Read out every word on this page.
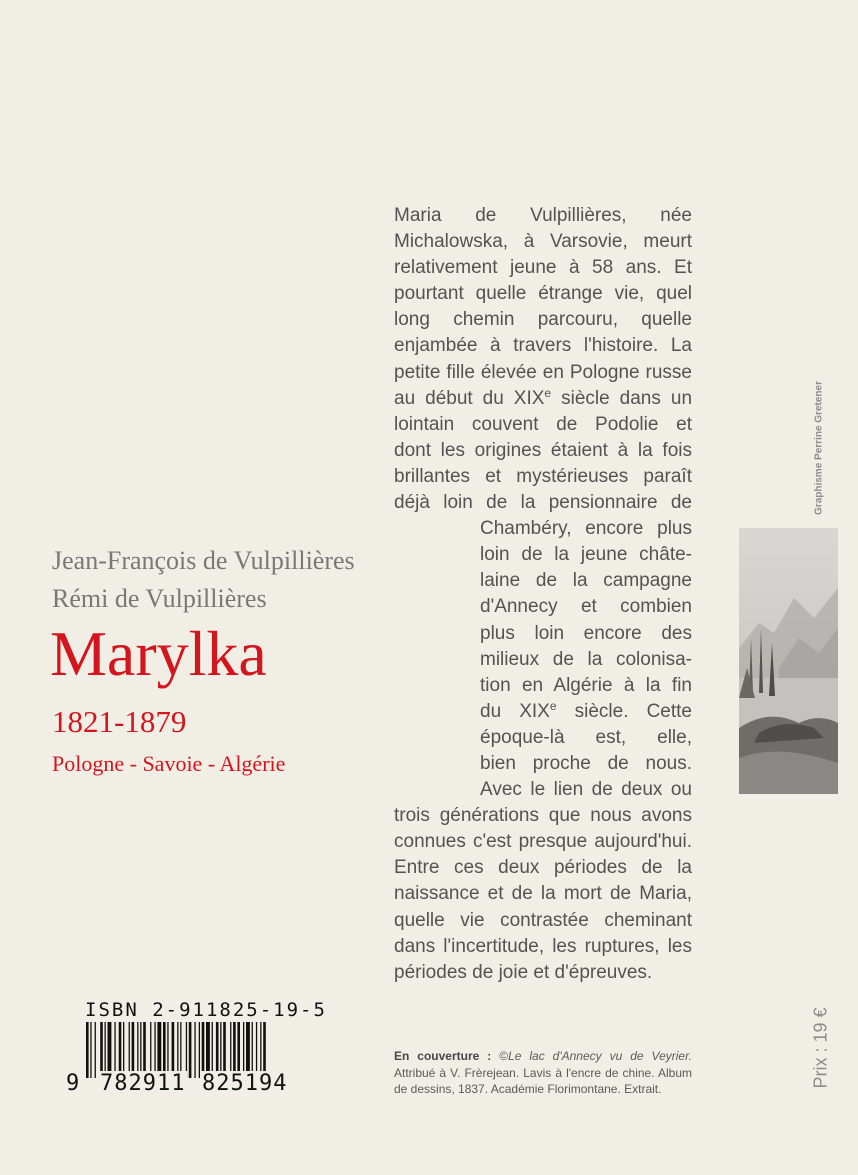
Jean-François de Vulpillières
Rémi de Vulpillières
Marylka
1821-1879
Pologne - Savoie - Algérie

Maria de Vulpillières, née

Michalowska, à Varsovie, meurt

relativement jeune à 58 ans. Et

pourtant quelle étrange vie, quel

long chemin parcouru, quelle

enjambée à travers l'histoire. La

petite fille élevée en Pologne russe

au début du XIXe siècle dans un

lointain couvent de Podolie et

dont les origines étaient à la fois

brillantes et mystérieuses paraît

déjà loin de la pensionnaire de

Chambéry, encore plus

loin de la jeune châte-

laine de la campagne

d'Annecy et combien

plus loin encore des

milieux de la colonisa-

tion en Algérie à la fin

du XIXe siècle. Cette

époque-là est, elle,

bien proche de nous.

Avec le lien de deux ou

trois générations que nous avons

connues c'est presque aujourd'hui.

Entre ces deux périodes de la

naissance et de la mort de Maria,

quelle vie contrastée cheminant

dans l'incertitude, les ruptures, les

périodes de joie et d'épreuves.

Graphisme Perrine Gretener
Prix : 19 €
ISBN 2-911825-19-5
9 782911 825194
En couverture : ©Le lac d'Annecy vu de Veyrier. Attribué à V. Frèrejean. Lavis à l'encre de chine. Album de dessins, 1837. Académie Florimontane. Extrait.
